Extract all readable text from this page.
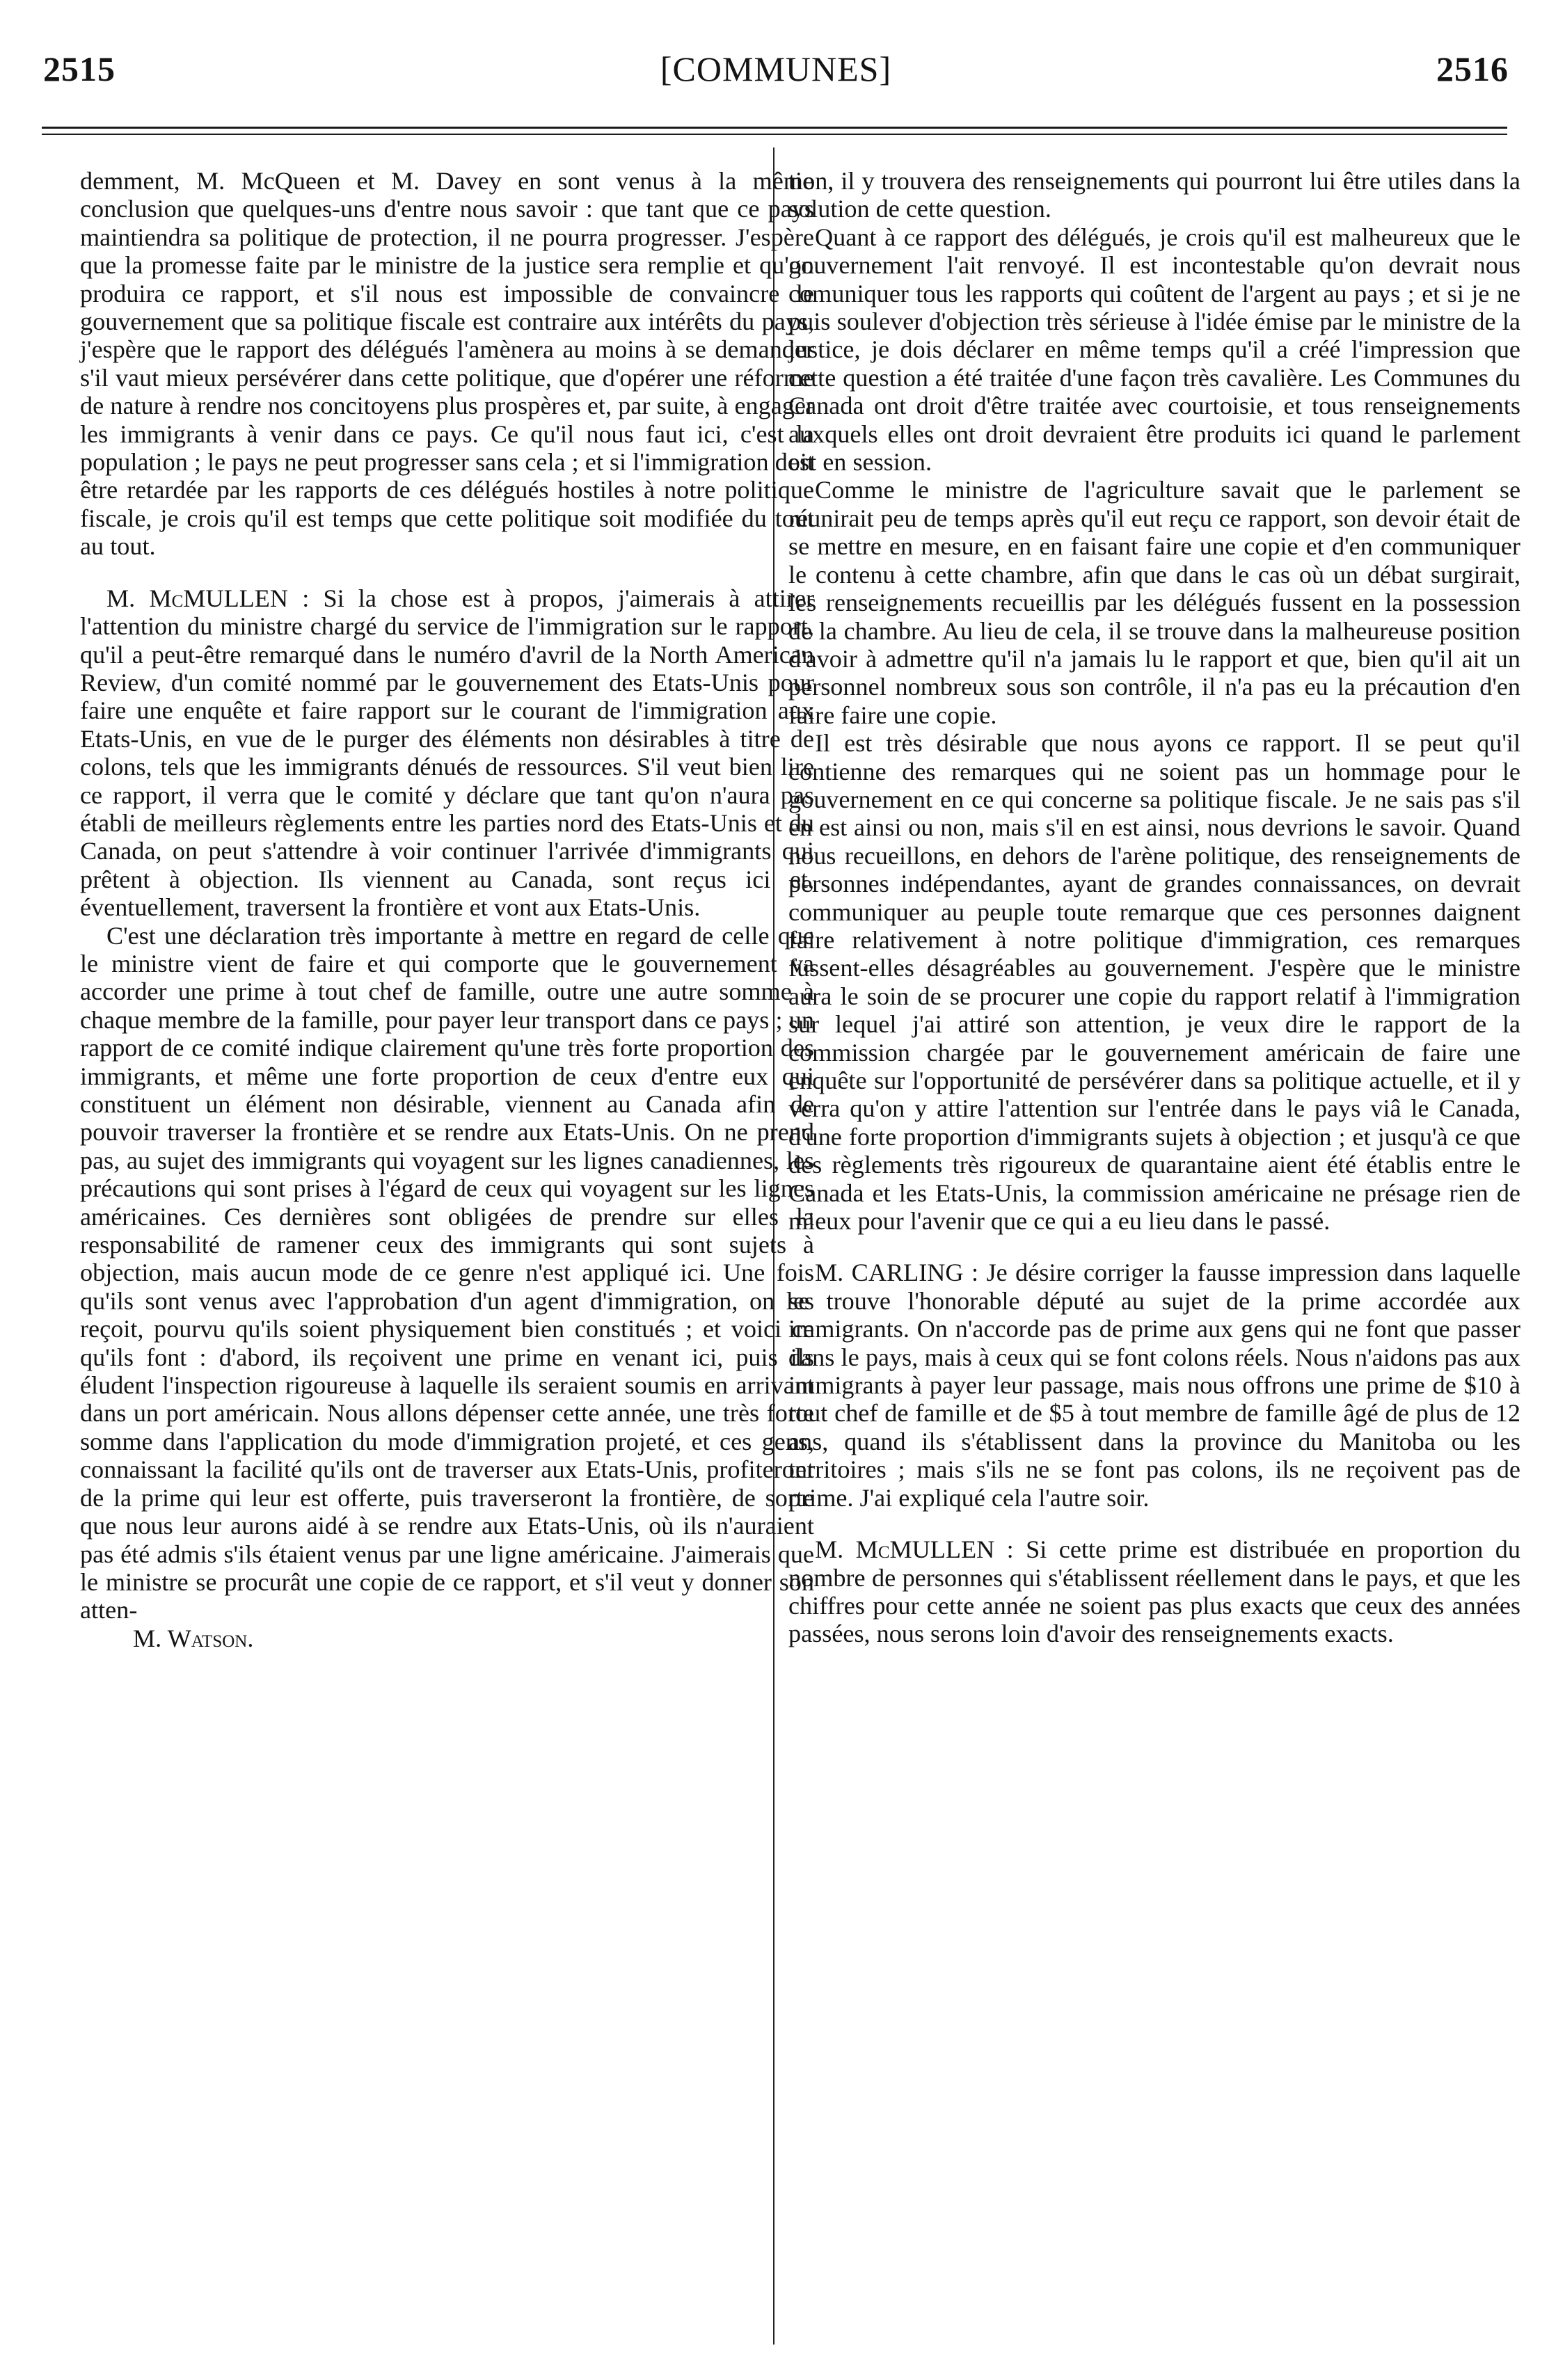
2515	[COMMUNES]	2516

demment, M. McQueen et M. Davey en sont venus à la même conclusion que quelques-uns d'entre nous savoir : que tant que ce pays maintiendra sa politique de protection, il ne pourra progresser. J'espère que la promesse faite par le ministre de la justice sera remplie et qu'on produira ce rapport, et s'il nous est impossible de convaincre le gouvernement que sa politique fiscale est contraire aux intérêts du pays, j'espère que le rapport des délégués l'amènera au moins à se demander s'il vaut mieux persévérer dans cette politique, que d'opérer une réforme de nature à rendre nos concitoyens plus prospères et, par suite, à engager les immigrants à venir dans ce pays. Ce qu'il nous faut ici, c'est la population ; le pays ne peut progresser sans cela ; et si l'immigration doit être retardée par les rapports de ces délégués hostiles à notre politique fiscale, je crois qu'il est temps que cette politique soit modifiée du tout au tout.

M. McMULLEN : Si la chose est à propos, j'aimerais à attirer l'attention du ministre chargé du service de l'immigration sur le rapport, qu'il a peut-être remarqué dans le numéro d'avril de la North American Review, d'un comité nommé par le gouvernement des Etats-Unis pour faire une enquête et faire rapport sur le courant de l'immigration aux Etats-Unis, en vue de le purger des éléments non désirables à titre de colons, tels que les immigrants dénués de ressources. S'il veut bien lire ce rapport, il verra que le comité y déclare que tant qu'on n'aura pas établi de meilleurs règlements entre les parties nord des Etats-Unis et du Canada, on peut s'attendre à voir continuer l'arrivée d'immigrants qui prêtent à objection. Ils viennent au Canada, sont reçus ici et, éventuellement, traversent la frontière et vont aux Etats-Unis.

C'est une déclaration très importante à mettre en regard de celle que le ministre vient de faire et qui comporte que le gouvernement va accorder une prime à tout chef de famille, outre une autre somme à chaque membre de la famille, pour payer leur transport dans ce pays ; un rapport de ce comité indique clairement qu'une très forte proportion des immigrants, et même une forte proportion de ceux d'entre eux qui constituent un élément non désirable, viennent au Canada afin de pouvoir traverser la frontière et se rendre aux Etats-Unis. On ne prend pas, au sujet des immigrants qui voyagent sur les lignes canadiennes, les précautions qui sont prises à l'égard de ceux qui voyagent sur les lignes américaines. Ces dernières sont obligées de prendre sur elles la responsabilité de ramener ceux des immigrants qui sont sujets à objection, mais aucun mode de ce genre n'est appliqué ici. Une fois qu'ils sont venus avec l'approbation d'un agent d'immigration, on les reçoit, pourvu qu'ils soient physiquement bien constitués ; et voici ce qu'ils font : d'abord, ils reçoivent une prime en venant ici, puis ils éludent l'inspection rigoureuse à laquelle ils seraient soumis en arrivant dans un port américain. Nous allons dépenser cette année, une très forte somme dans l'application du mode d'immigration projeté, et ces gens, connaissant la facilité qu'ils ont de traverser aux Etats-Unis, profiteront de la prime qui leur est offerte, puis traverseront la frontière, de sorte que nous leur aurons aidé à se rendre aux Etats-Unis, où ils n'auraient pas été admis s'ils étaient venus par une ligne américaine. J'aimerais que le ministre se procurât une copie de ce rapport, et s'il veut y donner son atten-

M. Watson.

tion, il y trouvera des renseignements qui pourront lui être utiles dans la solution de cette question.

Quant à ce rapport des délégués, je crois qu'il est malheureux que le gouvernement l'ait renvoyé. Il est incontestable qu'on devrait nous comuniquer tous les rapports qui coûtent de l'argent au pays ; et si je ne puis soulever d'objection très sérieuse à l'idée émise par le ministre de la justice, je dois déclarer en même temps qu'il a créé l'impression que cette question a été traitée d'une façon très cavalière. Les Communes du Canada ont droit d'être traitée avec courtoisie, et tous renseignements auxquels elles ont droit devraient être produits ici quand le parlement est en session.

Comme le ministre de l'agriculture savait que le parlement se réunirait peu de temps après qu'il eut reçu ce rapport, son devoir était de se mettre en mesure, en en faisant faire une copie et d'en communiquer le contenu à cette chambre, afin que dans le cas où un débat surgirait, les renseignements recueillis par les délégués fussent en la possession de la chambre. Au lieu de cela, il se trouve dans la malheureuse position d'avoir à admettre qu'il n'a jamais lu le rapport et que, bien qu'il ait un personnel nombreux sous son contrôle, il n'a pas eu la précaution d'en faire faire une copie.

Il est très désirable que nous ayons ce rapport. Il se peut qu'il contienne des remarques qui ne soient pas un hommage pour le gouvernement en ce qui concerne sa politique fiscale. Je ne sais pas s'il en est ainsi ou non, mais s'il en est ainsi, nous devrions le savoir. Quand nous recueillons, en dehors de l'arène politique, des renseignements de personnes indépendantes, ayant de grandes connaissances, on devrait communiquer au peuple toute remarque que ces personnes daignent faire relativement à notre politique d'immigration, ces remarques fussent-elles désagréables au gouvernement. J'espère que le ministre aura le soin de se procurer une copie du rapport relatif à l'immigration sur lequel j'ai attiré son attention, je veux dire le rapport de la commission chargée par le gouvernement américain de faire une enquête sur l'opportunité de persévérer dans sa politique actuelle, et il y verra qu'on y attire l'attention sur l'entrée dans le pays viâ le Canada, d'une forte proportion d'immigrants sujets à objection ; et jusqu'à ce que des règlements très rigoureux de quarantaine aient été établis entre le Canada et les Etats-Unis, la commission américaine ne présage rien de mieux pour l'avenir que ce qui a eu lieu dans le passé.

M. CARLING : Je désire corriger la fausse impression dans laquelle se trouve l'honorable député au sujet de la prime accordée aux immigrants. On n'accorde pas de prime aux gens qui ne font que passer dans le pays, mais à ceux qui se font colons réels. Nous n'aidons pas aux immigrants à payer leur passage, mais nous offrons une prime de $10 à tout chef de famille et de $5 à tout membre de famille âgé de plus de 12 ans, quand ils s'établissent dans la province du Manitoba ou les territoires ; mais s'ils ne se font pas colons, ils ne reçoivent pas de prime. J'ai expliqué cela l'autre soir.

M. McMULLEN : Si cette prime est distribuée en proportion du nombre de personnes qui s'établissent réellement dans le pays, et que les chiffres pour cette année ne soient pas plus exacts que ceux des années passées, nous serons loin d'avoir des renseignements exacts.
